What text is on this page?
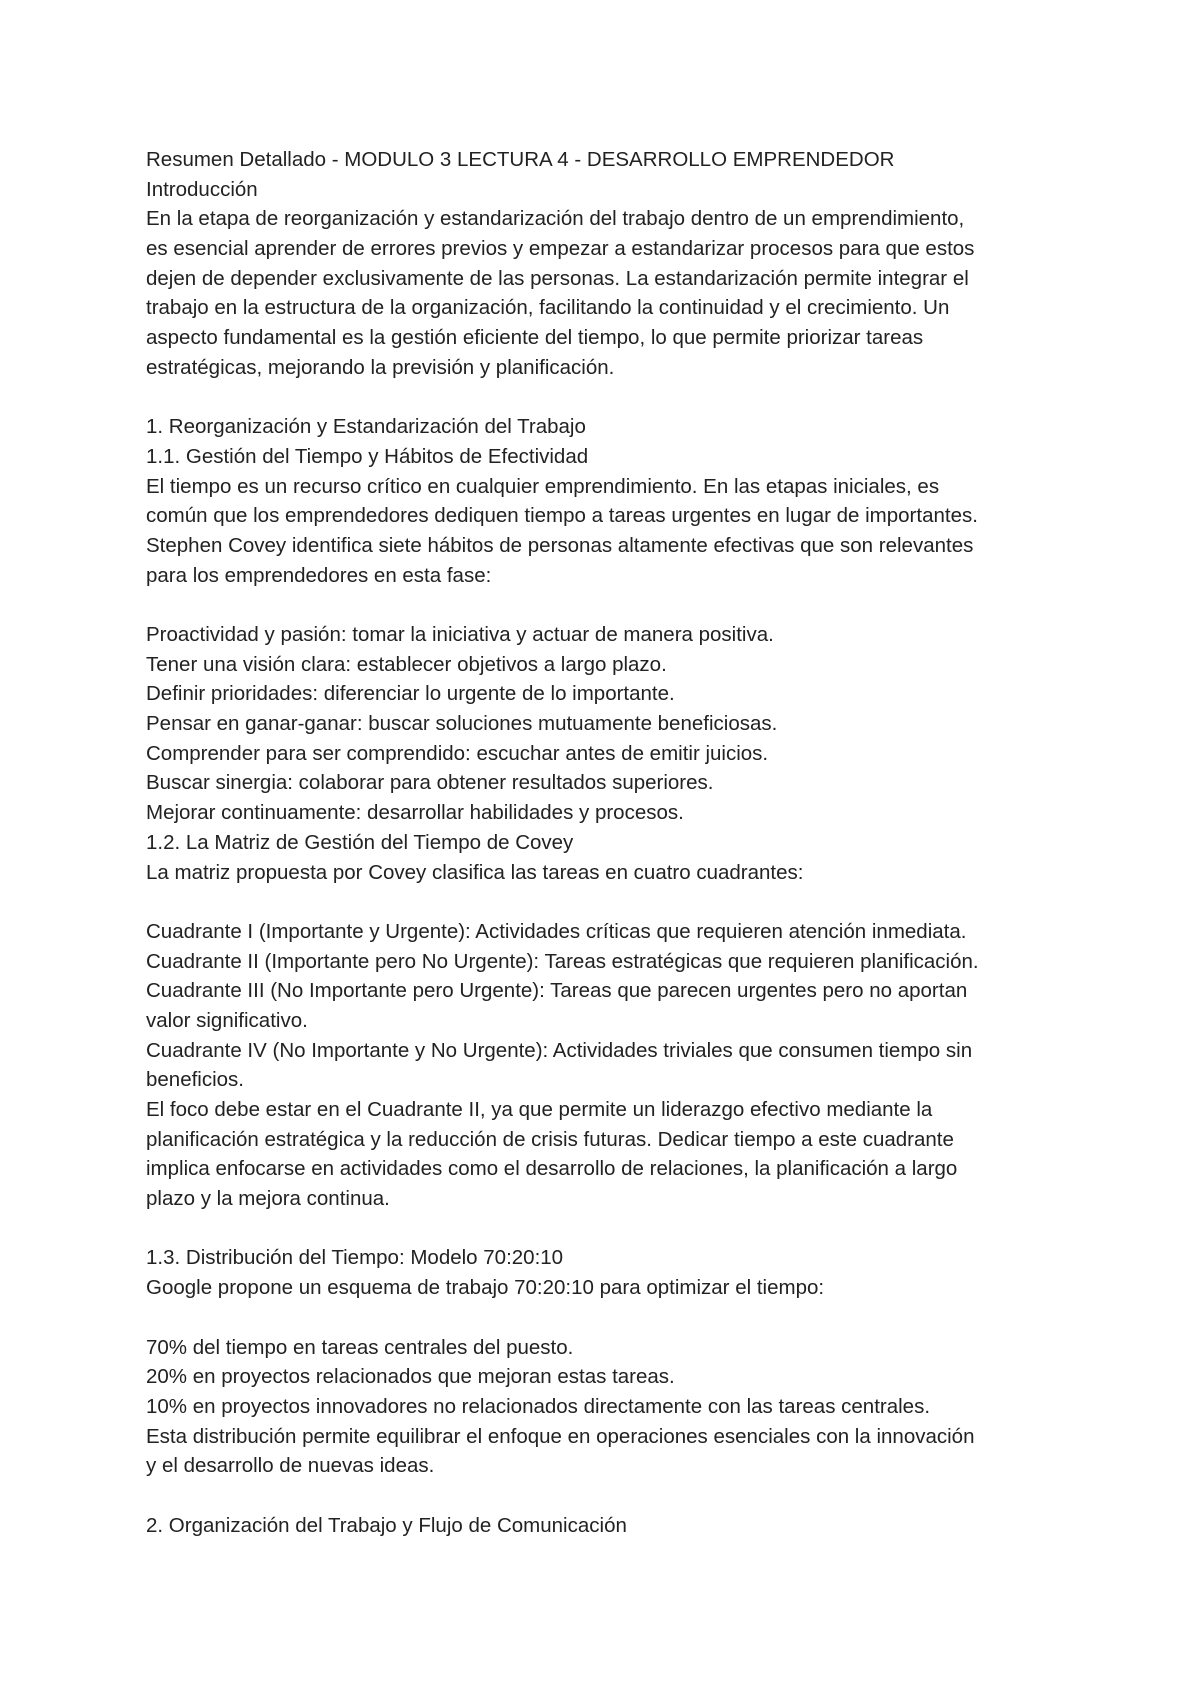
Resumen Detallado - MODULO 3 LECTURA 4 - DESARROLLO EMPRENDEDOR
Introducción
En la etapa de reorganización y estandarización del trabajo dentro de un emprendimiento,
es esencial aprender de errores previos y empezar a estandarizar procesos para que estos
dejen de depender exclusivamente de las personas. La estandarización permite integrar el
trabajo en la estructura de la organización, facilitando la continuidad y el crecimiento. Un
aspecto fundamental es la gestión eficiente del tiempo, lo que permite priorizar tareas
estratégicas, mejorando la previsión y planificación.
1. Reorganización y Estandarización del Trabajo
1.1. Gestión del Tiempo y Hábitos de Efectividad
El tiempo es un recurso crítico en cualquier emprendimiento. En las etapas iniciales, es
común que los emprendedores dediquen tiempo a tareas urgentes en lugar de importantes.
Stephen Covey identifica siete hábitos de personas altamente efectivas que son relevantes
para los emprendedores en esta fase:
Proactividad y pasión: tomar la iniciativa y actuar de manera positiva.
Tener una visión clara: establecer objetivos a largo plazo.
Definir prioridades: diferenciar lo urgente de lo importante.
Pensar en ganar-ganar: buscar soluciones mutuamente beneficiosas.
Comprender para ser comprendido: escuchar antes de emitir juicios.
Buscar sinergia: colaborar para obtener resultados superiores.
Mejorar continuamente: desarrollar habilidades y procesos.
1.2. La Matriz de Gestión del Tiempo de Covey
La matriz propuesta por Covey clasifica las tareas en cuatro cuadrantes:
Cuadrante I (Importante y Urgente): Actividades críticas que requieren atención inmediata.
Cuadrante II (Importante pero No Urgente): Tareas estratégicas que requieren planificación.
Cuadrante III (No Importante pero Urgente): Tareas que parecen urgentes pero no aportan
valor significativo.
Cuadrante IV (No Importante y No Urgente): Actividades triviales que consumen tiempo sin
beneficios.
El foco debe estar en el Cuadrante II, ya que permite un liderazgo efectivo mediante la
planificación estratégica y la reducción de crisis futuras. Dedicar tiempo a este cuadrante
implica enfocarse en actividades como el desarrollo de relaciones, la planificación a largo
plazo y la mejora continua.
1.3. Distribución del Tiempo: Modelo 70:20:10
Google propone un esquema de trabajo 70:20:10 para optimizar el tiempo:
70% del tiempo en tareas centrales del puesto.
20% en proyectos relacionados que mejoran estas tareas.
10% en proyectos innovadores no relacionados directamente con las tareas centrales.
Esta distribución permite equilibrar el enfoque en operaciones esenciales con la innovación
y el desarrollo de nuevas ideas.
2. Organización del Trabajo y Flujo de Comunicación
